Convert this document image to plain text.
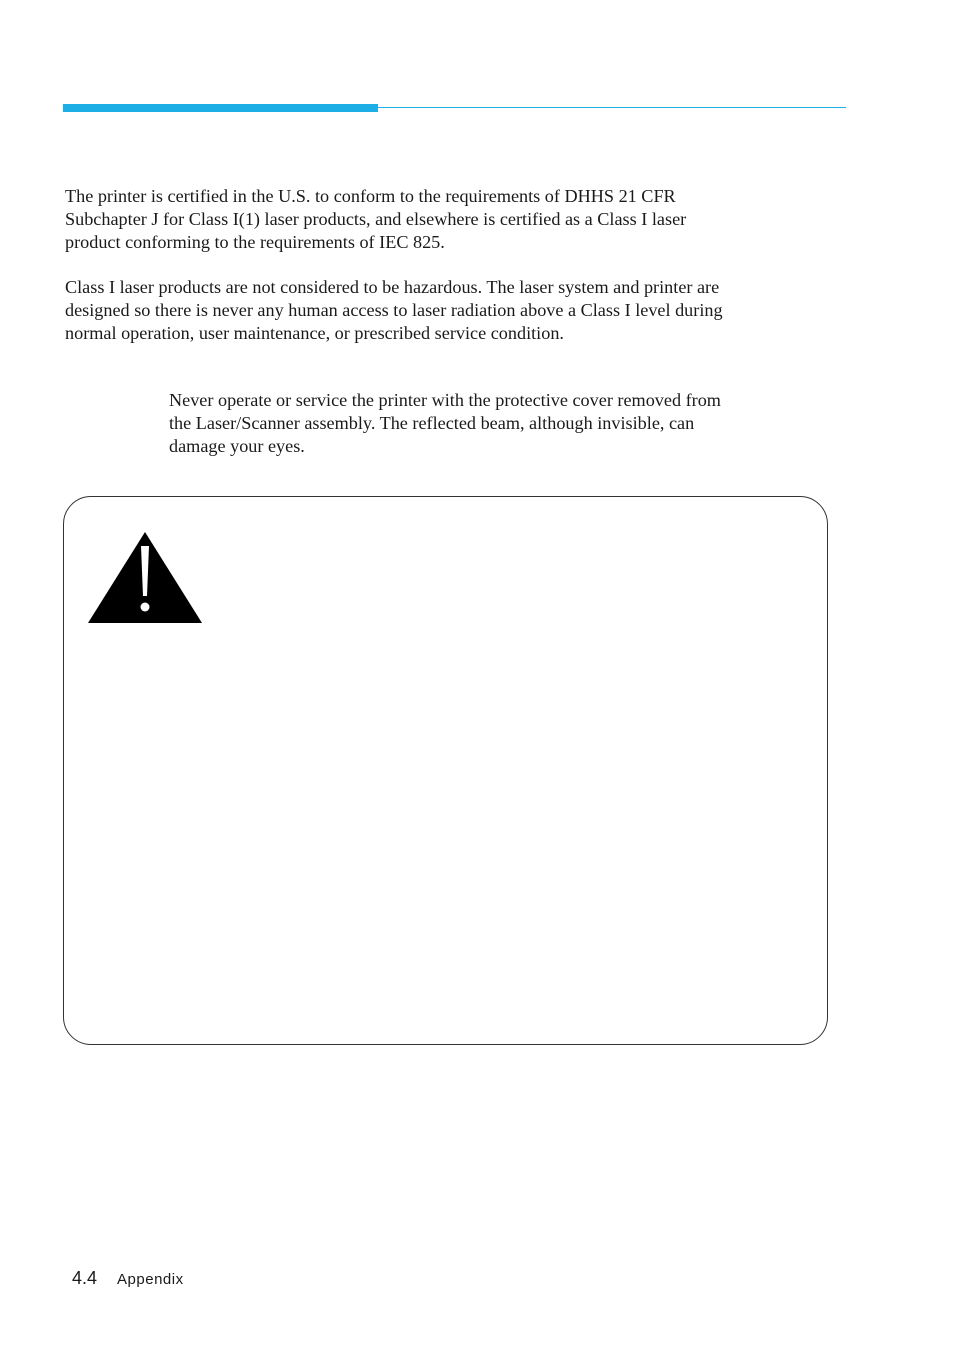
The printer is certified in the U.S. to conform to the requirements of DHHS 21 CFR
Subchapter J for Class I(1) laser products, and elsewhere is certified as a Class I laser
product conforming to the requirements of IEC 825.

Class I laser products are not considered to be hazardous. The laser system and printer are
designed so there is never any human access to laser radiation above a Class I level during
normal operation, user maintenance, or prescribed service condition.

Never operate or service the printer with the protective cover removed from
the Laser/Scanner assembly. The reflected beam, although invisible, can
damage your eyes.

4.4 Appendix
